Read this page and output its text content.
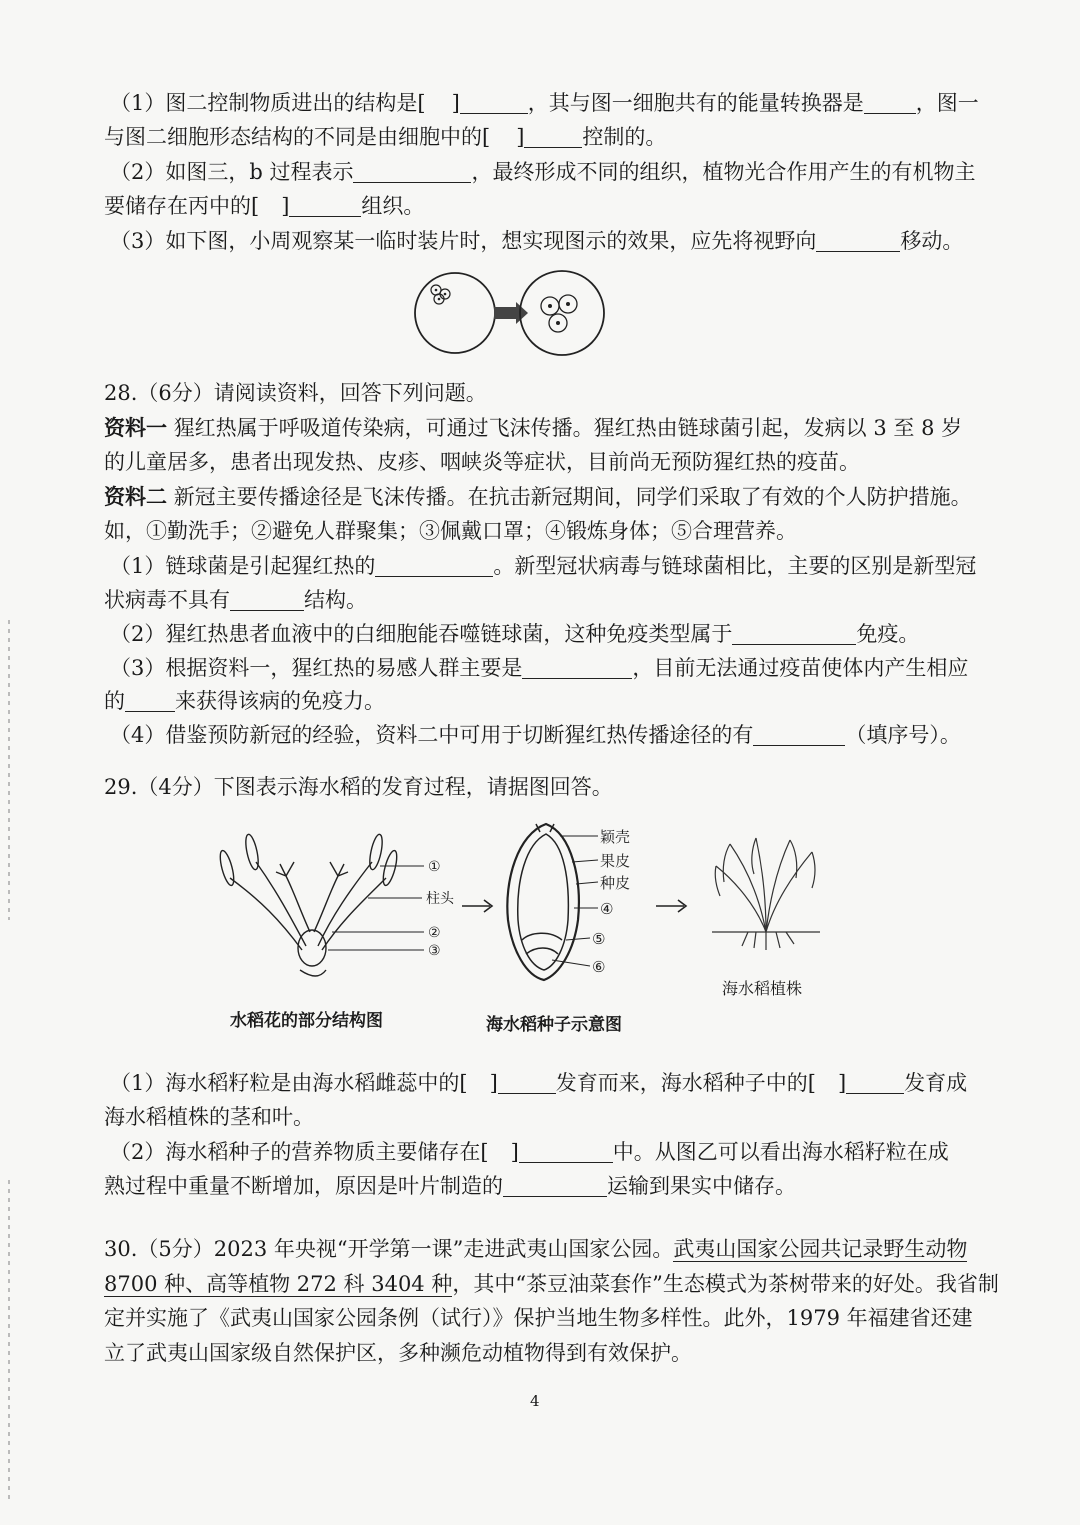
（1）图二控制物质进出的结构是[ ]	，其与图一细胞共有的能量转换器是 ，图一
与图二细胞形态结构的不同是由细胞中的[ ]	控制的。
（2）如图三，b 过程表示	，最终形成不同的组织，植物光合作用产生的有机物主
要储存在丙中的[ ]	组织。
（3）如下图，小周观察某一临时装片时，想实现图示的效果，应先将视野向	移动。
28.（6分）请阅读资料，回答下列问题。
资料一 猩红热属于呼吸道传染病，可通过飞沫传播。猩红热由链球菌引起，发病以 3 至 8 岁
的儿童居多，患者出现发热、皮疹、咽峡炎等症状，目前尚无预防猩红热的疫苗。
资料二 新冠主要传播途径是飞沫传播。在抗击新冠期间，同学们采取了有效的个人防护措施。
如，①勤洗手；②避免人群聚集；③佩戴口罩；④锻炼身体；⑤合理营养。
（1）链球菌是引起猩红热的	。新型冠状病毒与链球菌相比，主要的区别是新型冠
状病毒不具有	结构。
（2）猩红热患者血液中的白细胞能吞噬链球菌，这种免疫类型属于	免疫。
（3）根据资料一，猩红热的易感人群主要是	，目前无法通过疫苗使体内产生相应
的 来获得该病的免疫力。
（4）借鉴预防新冠的经验，资料二中可用于切断猩红热传播途径的有	（填序号）。
29.（4分）下图表示海水稻的发育过程，请据图回答。
①
柱头
②
③
颖壳
果皮
种皮
④
⑤
⑥
海水稻植株
水稻花的部分结构图	海水稻种子示意图
（1）海水稻籽粒是由海水稻雌蕊中的[ ]	发育而来，海水稻种子中的[ ]	发育成
海水稻植株的茎和叶。
（2）海水稻种子的营养物质主要储存在[ ]	中。从图乙可以看出海水稻籽粒在成
熟过程中重量不断增加，原因是叶片制造的	运输到果实中储存。
30.（5分）2023 年央视“开学第一课”走进武夷山国家公园。武夷山国家公园共记录野生动物
8700 种、高等植物 272 科 3404 种，其中“茶豆油菜套作”生态模式为茶树带来的好处。我省制
定并实施了《武夷山国家公园条例（试行）》保护当地生物多样性。此外，1979 年福建省还建
立了武夷山国家级自然保护区，多种濒危动植物得到有效保护。
4
